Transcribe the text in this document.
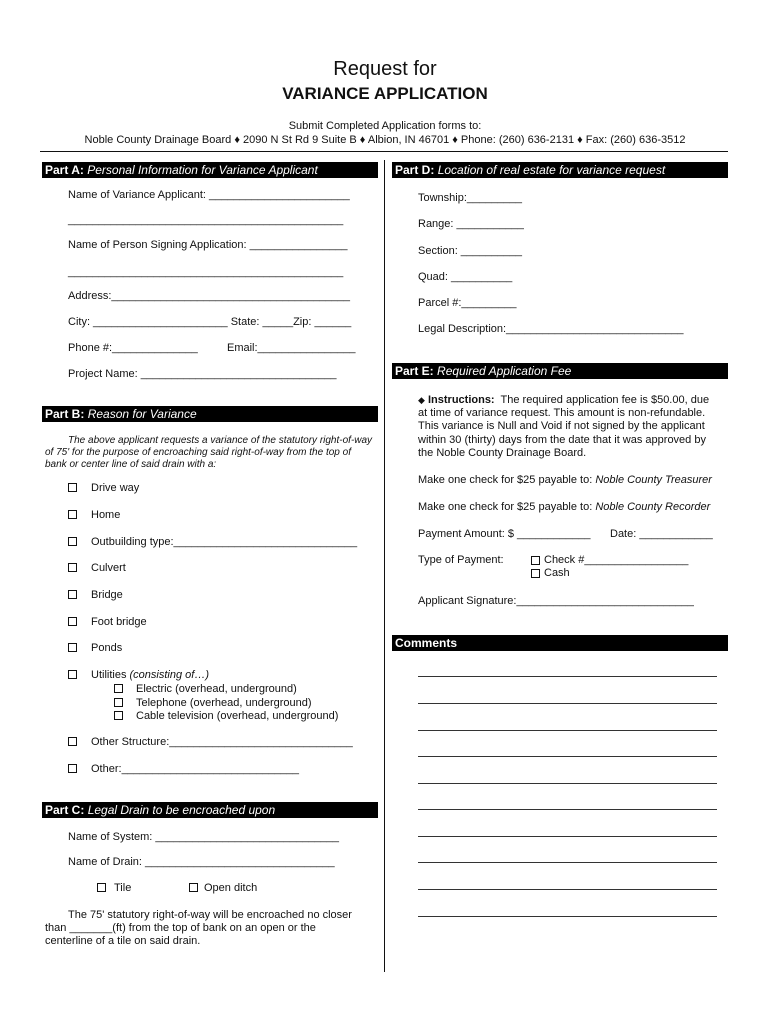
Request for
VARIANCE APPLICATION
Submit Completed Application forms to:
Noble County Drainage Board ♦ 2090 N St Rd 9 Suite B ♦ Albion, IN 46701 ♦ Phone: (260) 636-2131 ♦ Fax: (260) 636-3512
Part A: Personal Information for Variance Applicant
Name of Variance Applicant: _______________________
_____________________________________________
Name of Person Signing Application: ________________
_____________________________________________
Address:_______________________________________
City: ______________________ State: _____Zip: ______
Phone #:______________	Email:________________
Project Name: ________________________________
Part B: Reason for Variance
The above applicant requests a variance of the statutory right-of-way
of 75' for the purpose of encroaching said right-of-way from the top of
bank or center line of said drain with a:
Drive way
Home
Outbuilding type:______________________________
Culvert
Bridge
Foot bridge
Ponds
Utilities (consisting of…)
Electric (overhead, underground)
Telephone (overhead, underground)
Cable television (overhead, underground)
Other Structure:______________________________
Other:_____________________________
Part C: Legal Drain to be encroached upon
Name of System: ______________________________
Name of Drain: _______________________________
Tile	Open ditch
The 75' statutory right-of-way will be encroached no closer
than _______(ft) from the top of bank on an open or the
centerline of a tile on said drain.
Part D: Location of real estate for variance request
Township:_________
Range: ___________
Section: __________
Quad: __________
Parcel #:_________
Legal Description:_____________________________
Part E: Required Application Fee
◆ Instructions: The required application fee is $50.00, due
at time of variance request. This amount is non-refundable.
This variance is Null and Void if not signed by the applicant
within 30 (thirty) days from the date that it was approved by
the Noble County Drainage Board.
Make one check for $25 payable to: Noble County Treasurer
Make one check for $25 payable to: Noble County Recorder
Payment Amount: $ ____________ Date: ____________
Type of Payment:	Check #_________________
Cash
Applicant Signature:_____________________________
Comments
